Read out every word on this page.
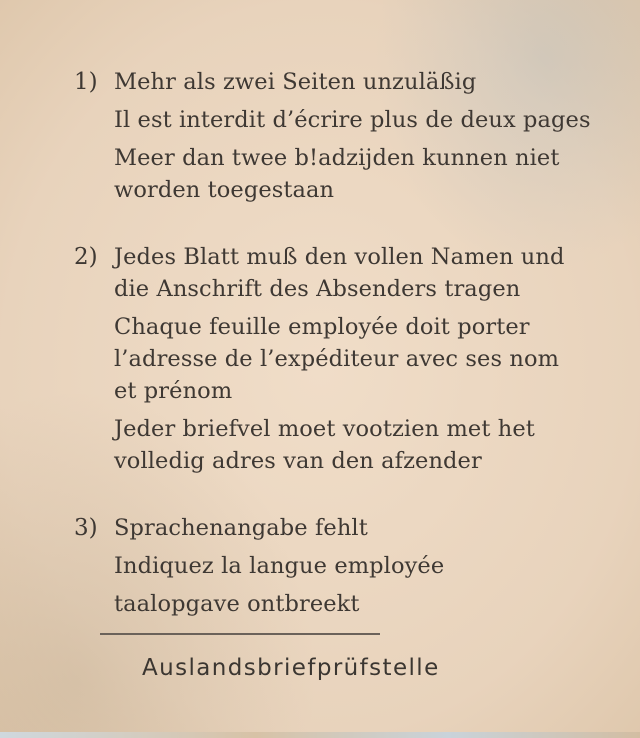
1) Mehr als zwei Seiten unzuläßig
Il est interdit d’écrire plus de deux pages
Meer dan twee b!adzijden kunnen niet
worden toegestaan
2) Jedes Blatt muß den vollen Namen und
die Anschrift des Absenders tragen
Chaque feuille employée doit porter
l’adresse de l’expéditeur avec ses nom
et prénom
Jeder briefvel moet vootzien met het
volledig adres van den afzender
3) Sprachenangabe fehlt
Indiquez la langue employée
taalopgave ontbreekt
Auslandsbriefprüfstelle
